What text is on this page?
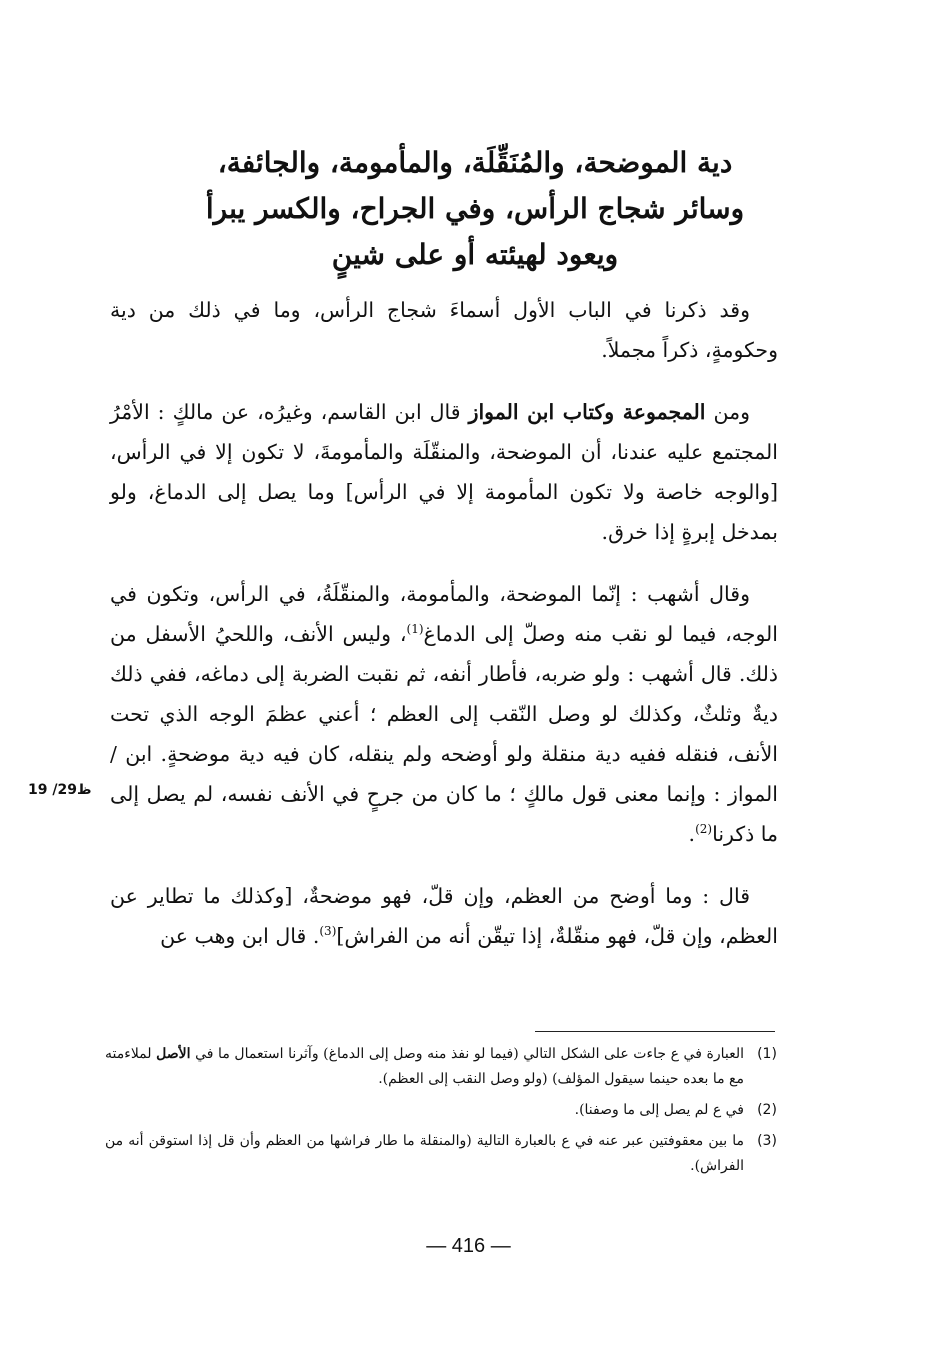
دية الموضحة، والمُنَقِّلَة، والمأمومة، والجائفة،
وسائر شجاج الرأس، وفي الجراح، والكسر يبرأ
ويعود لهيئته أو على شينٍ

وقد ذكرنا في الباب الأول أسماءَ شجاج الرأس، وما في ذلك من دية وحكومةٍ، ذكراً مجملاً.

ومن المجموعة وكتاب ابن المواز قال ابن القاسم، وغيرُه، عن مالكٍ : الأمْرُ المجتمع عليه عندنا، أن الموضحة، والمنقّلَة والمأمومةَ، لا تكون إلا في الرأس، [والوجه خاصة ولا تكون المأمومة إلا في الرأس] وما يصل إلى الدماغ، ولو بمدخل إبرةٍ إذا خرق.

وقال أشهب : إنّما الموضحة، والمأمومة، والمنقّلَةُ، في الرأس، وتكون في الوجه، فيما لو نقب منه وصلّ إلى الدماغ$^{(1)}$، وليس الأنف، واللحيُ الأسفل من ذلك. قال أشهب : ولو ضربه، فأطار أنفه، ثم نقبت الضربة إلى دماغه، ففي ذلك ديةٌ وثلثٌ، وكذلك لو وصل النّقب إلى العظم ؛ أعني عظمَ الوجه الذي تحت الأنف، فنقله ففيه دية منقلة ولو أوضحه ولم ينقله، كان فيه دية موضحةٍ. ابن / المواز : وإنما معنى قول مالكٍ ؛ ما كان من جرحٍ في الأنف نفسه، لم يصل إلى ما ذكرنا$^{(2)}$.

قال : وما أوضح من العظم، وإن قلّ، فهو موضحةٌ، [وكذلك ما تطاير عن العظم، وإن قلّ، فهو منقّلةٌ، إذا تيقّن أنه من الفراش]$^{(3)}$. قال ابن وهب عن

19 /29ظ
(1)
العبارة في ع جاءت على الشكل التالي (فيما لو نفذ منه وصل إلى الدماغ) وآثرنا استعمال ما في الأصل لملاءمته مع ما بعده حينما سيقول المؤلف) (ولو وصل النقب إلى العظم).
(2)
في ع لم يصل إلى ما وصفنا).
(3)
ما بين معقوفتين عبر عنه في ع بالعبارة التالية (والمنقلة ما طار فراشها من العظم وأن قل إذا استوقن أنه من الفراش).
— 416 —
